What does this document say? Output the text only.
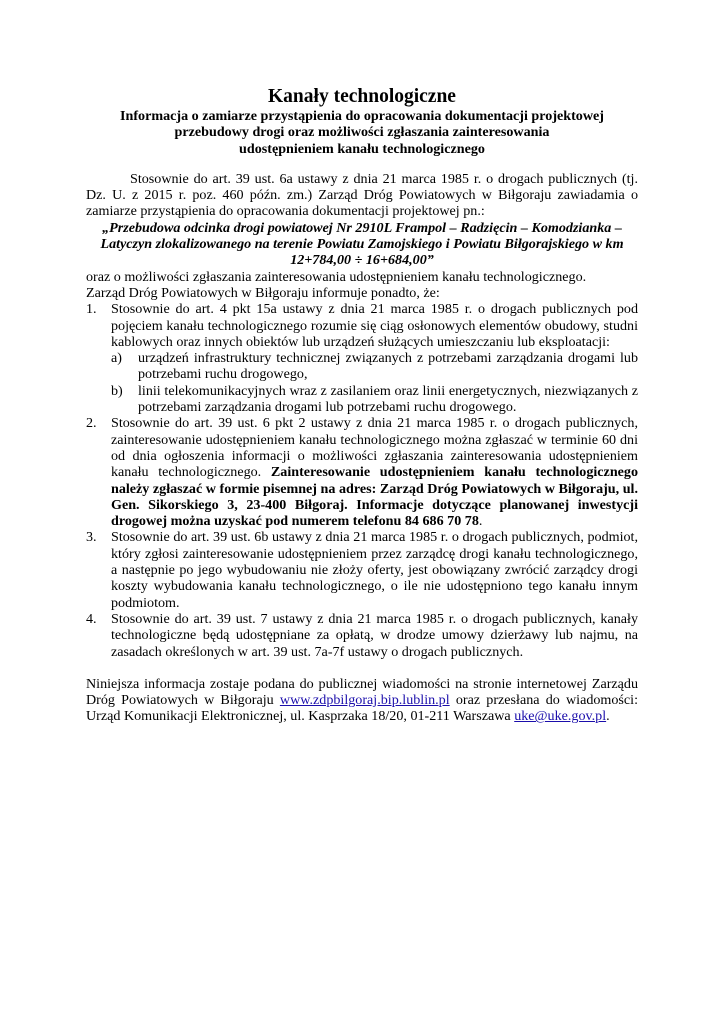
Kanały technologiczne
Informacja o zamiarze przystąpienia do opracowania dokumentacji projektowej
przebudowy drogi oraz możliwości zgłaszania zainteresowania
udostępnieniem kanału technologicznego

Stosownie do art. 39 ust. 6a ustawy z dnia 21 marca 1985 r. o drogach publicznych (tj. Dz. U. z 2015 r. poz. 460 późn. zm.) Zarząd Dróg Powiatowych w Biłgoraju zawiadamia o zamiarze przystąpienia do opracowania dokumentacji projektowej pn.:

„Przebudowa odcinka drogi powiatowej Nr 2910L Frampol – Radzięcin – Komodzianka – Latyczyn zlokalizowanego na terenie Powiatu Zamojskiego i Powiatu Biłgorajskiego w km 12+784,00 ÷ 16+684,00”

oraz o możliwości zgłaszania zainteresowania udostępnieniem kanału technologicznego.

Zarząd Dróg Powiatowych w Biłgoraju informuje ponadto, że:

1.	Stosownie do art. 4 pkt 15a ustawy z dnia 21 marca 1985 r. o drogach publicznych pod pojęciem kanału technologicznego rozumie się ciąg osłonowych elementów obudowy, studni kablowych oraz innych obiektów lub urządzeń służących umieszczaniu lub eksploatacji:

a)	urządzeń infrastruktury technicznej związanych z potrzebami zarządzania drogami lub potrzebami ruchu drogowego,
b)	linii telekomunikacyjnych wraz z zasilaniem oraz linii energetycznych, niezwiązanych z potrzebami zarządzania drogami lub potrzebami ruchu drogowego.
2.	Stosownie do art. 39 ust. 6 pkt 2 ustawy z dnia 21 marca 1985 r. o drogach publicznych, zainteresowanie udostępnieniem kanału technologicznego można zgłaszać w terminie 60 dni od dnia ogłoszenia informacji o możliwości zgłaszania zainteresowania udostępnieniem kanału technologicznego. Zainteresowanie udostępnieniem kanału technologicznego należy zgłaszać w formie pisemnej na adres: Zarząd Dróg Powiatowych w Biłgoraju, ul. Gen. Sikorskiego 3, 23-400 Biłgoraj. Informacje dotyczące planowanej inwestycji drogowej można uzyskać pod numerem telefonu 84 686 70 78.
3.	Stosownie do art. 39 ust. 6b ustawy z dnia 21 marca 1985 r. o drogach publicznych, podmiot, który zgłosi zainteresowanie udostępnieniem przez zarządcę drogi kanału technologicznego, a następnie po jego wybudowaniu nie złoży oferty, jest obowiązany zwrócić zarządcy drogi koszty wybudowania kanału technologicznego, o ile nie udostępniono tego kanału innym podmiotom.
4.	Stosownie do art. 39 ust. 7 ustawy z dnia 21 marca 1985 r. o drogach publicznych, kanały technologiczne będą udostępniane za opłatą, w drodze umowy dzierżawy lub najmu, na zasadach określonych w art. 39 ust. 7a-7f ustawy o drogach publicznych.

Niniejsza informacja zostaje podana do publicznej wiadomości na stronie internetowej Zarządu Dróg Powiatowych w Biłgoraju www.zdpbilgoraj.bip.lublin.pl oraz przesłana do wiadomości: Urząd Komunikacji Elektronicznej, ul. Kasprzaka 18/20, 01-211 Warszawa uke@uke.gov.pl.
